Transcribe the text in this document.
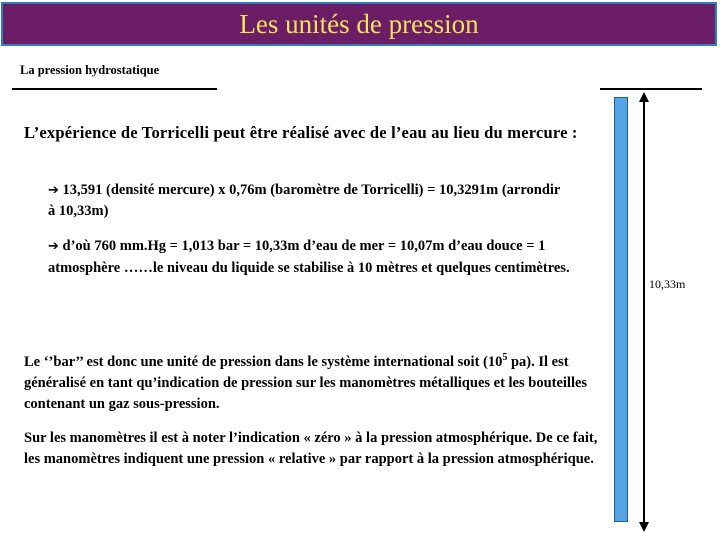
Les unités de pression
La pression hydrostatique

L’expérience de Torricelli peut être réalisé avec de l’eau au lieu du mercure :

➔ 13,591 (densité mercure) x 0,76m (baromètre de Torricelli) = 10,3291m (arrondir à 10,33m)

➔ d’où 760 mm.Hg = 1,013 bar = 10,33m d’eau de mer = 10,07m d’eau douce = 1 atmosphère ……le niveau du liquide se stabilise à 10 mètres et quelques centimètres.

Le ‘’bar’’ est donc une unité de pression dans le système international soit ($10^5$ pa). Il est généralisé en tant qu’indication de pression sur les manomètres métalliques et les bouteilles contenant un gaz sous-pression.

Sur les manomètres il est à noter l’indication « zéro » à la pression atmosphérique. De ce fait, les manomètres indiquent une pression « relative » par rapport à la pression atmosphérique.

10,33m
